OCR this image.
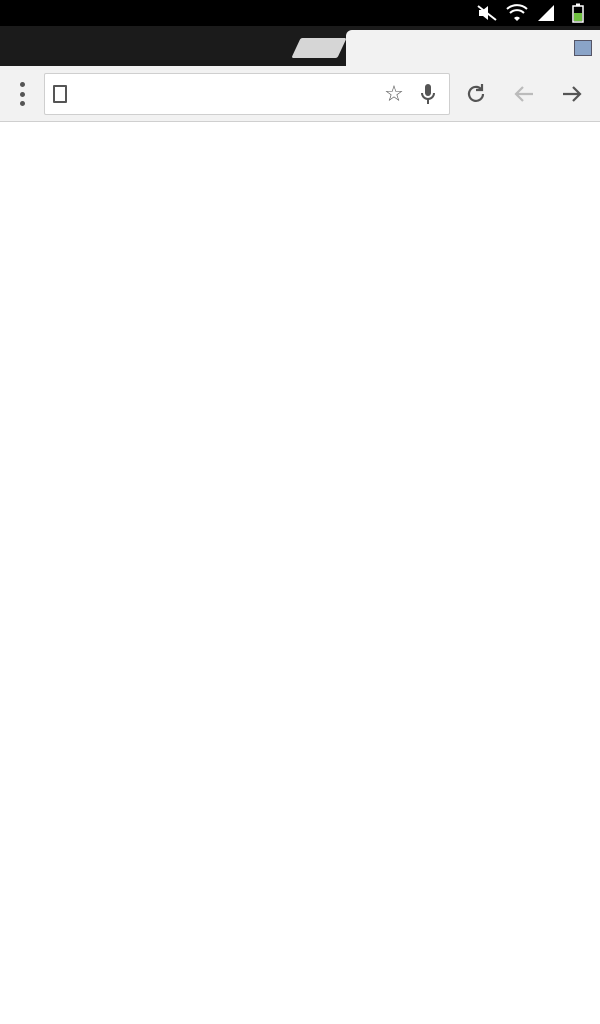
☆
